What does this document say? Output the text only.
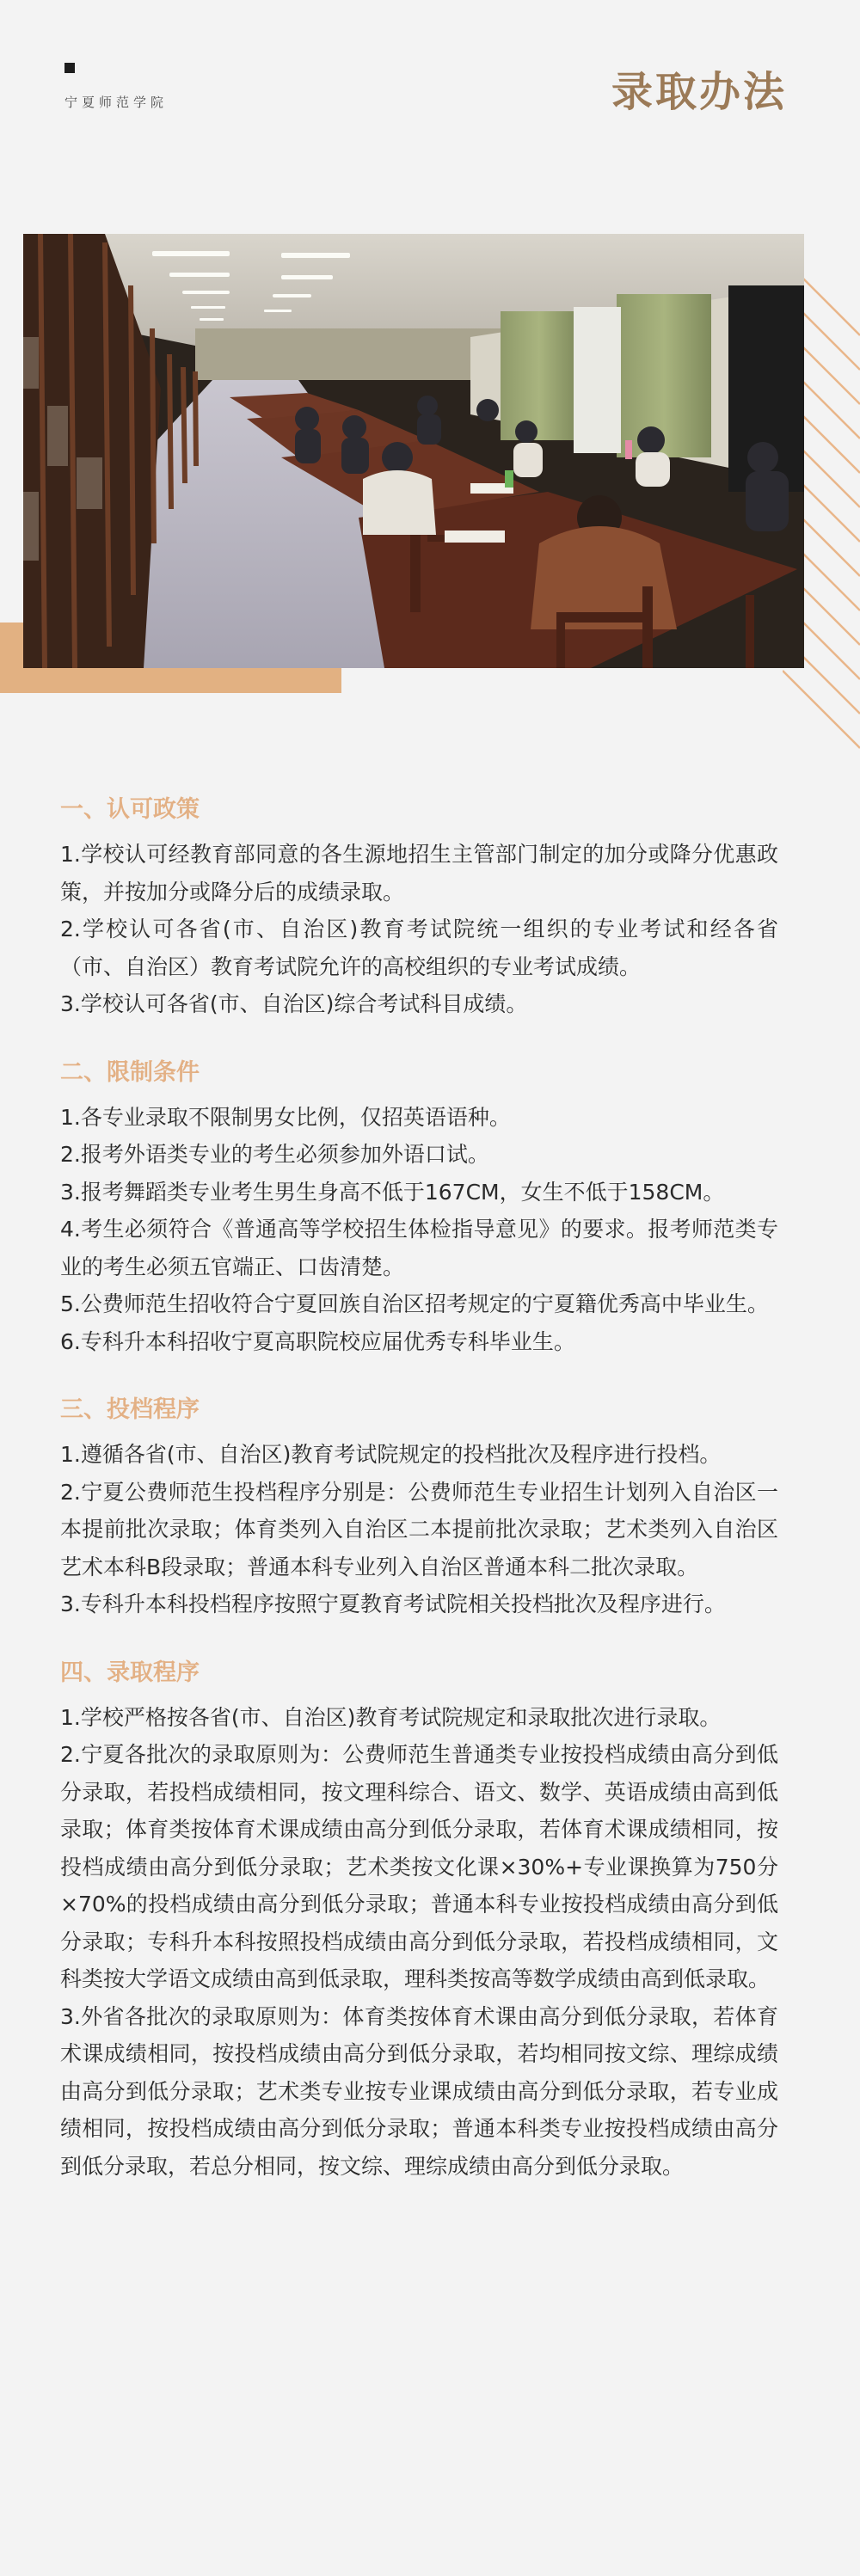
宁夏师范学院	录取办法
一、认可政策

1.学校认可经教育部同意的各生源地招生主管部门制定的加分或降分优惠政策，并按加分或降分后的成绩录取。

2.学校认可各省(市、自治区)教育考试院统一组织的专业考试和经各省（市、自治区）教育考试院允许的高校组织的专业考试成绩。

3.学校认可各省(市、自治区)综合考试科目成绩。

二、限制条件

1.各专业录取不限制男女比例，仅招英语语种。

2.报考外语类专业的考生必须参加外语口试。

3.报考舞蹈类专业考生男生身高不低于167CM，女生不低于158CM。

4.考生必须符合《普通高等学校招生体检指导意见》的要求。报考师范类专业的考生必须五官端正、口齿清楚。

5.公费师范生招收符合宁夏回族自治区招考规定的宁夏籍优秀高中毕业生。

6.专科升本科招收宁夏高职院校应届优秀专科毕业生。

三、投档程序

1.遵循各省(市、自治区)教育考试院规定的投档批次及程序进行投档。

2.宁夏公费师范生投档程序分别是：公费师范生专业招生计划列入自治区一本提前批次录取；体育类列入自治区二本提前批次录取；艺术类列入自治区艺术本科B段录取；普通本科专业列入自治区普通本科二批次录取。

3.专科升本科投档程序按照宁夏教育考试院相关投档批次及程序进行。

四、录取程序

1.学校严格按各省(市、自治区)教育考试院规定和录取批次进行录取。

2.宁夏各批次的录取原则为：公费师范生普通类专业按投档成绩由高分到低分录取，若投档成绩相同，按文理科综合、语文、数学、英语成绩由高到低录取；体育类按体育术课成绩由高分到低分录取，若体育术课成绩相同，按投档成绩由高分到低分录取；艺术类按文化课×30%+专业课换算为750分×70%的投档成绩由高分到低分录取；普通本科专业按投档成绩由高分到低分录取；专科升本科按照投档成绩由高分到低分录取，若投档成绩相同，文科类按大学语文成绩由高到低录取，理科类按高等数学成绩由高到低录取。

3.外省各批次的录取原则为：体育类按体育术课由高分到低分录取，若体育术课成绩相同，按投档成绩由高分到低分录取，若均相同按文综、理综成绩由高分到低分录取；艺术类专业按专业课成绩由高分到低分录取，若专业成绩相同，按投档成绩由高分到低分录取；普通本科类专业按投档成绩由高分到低分录取，若总分相同，按文综、理综成绩由高分到低分录取。
